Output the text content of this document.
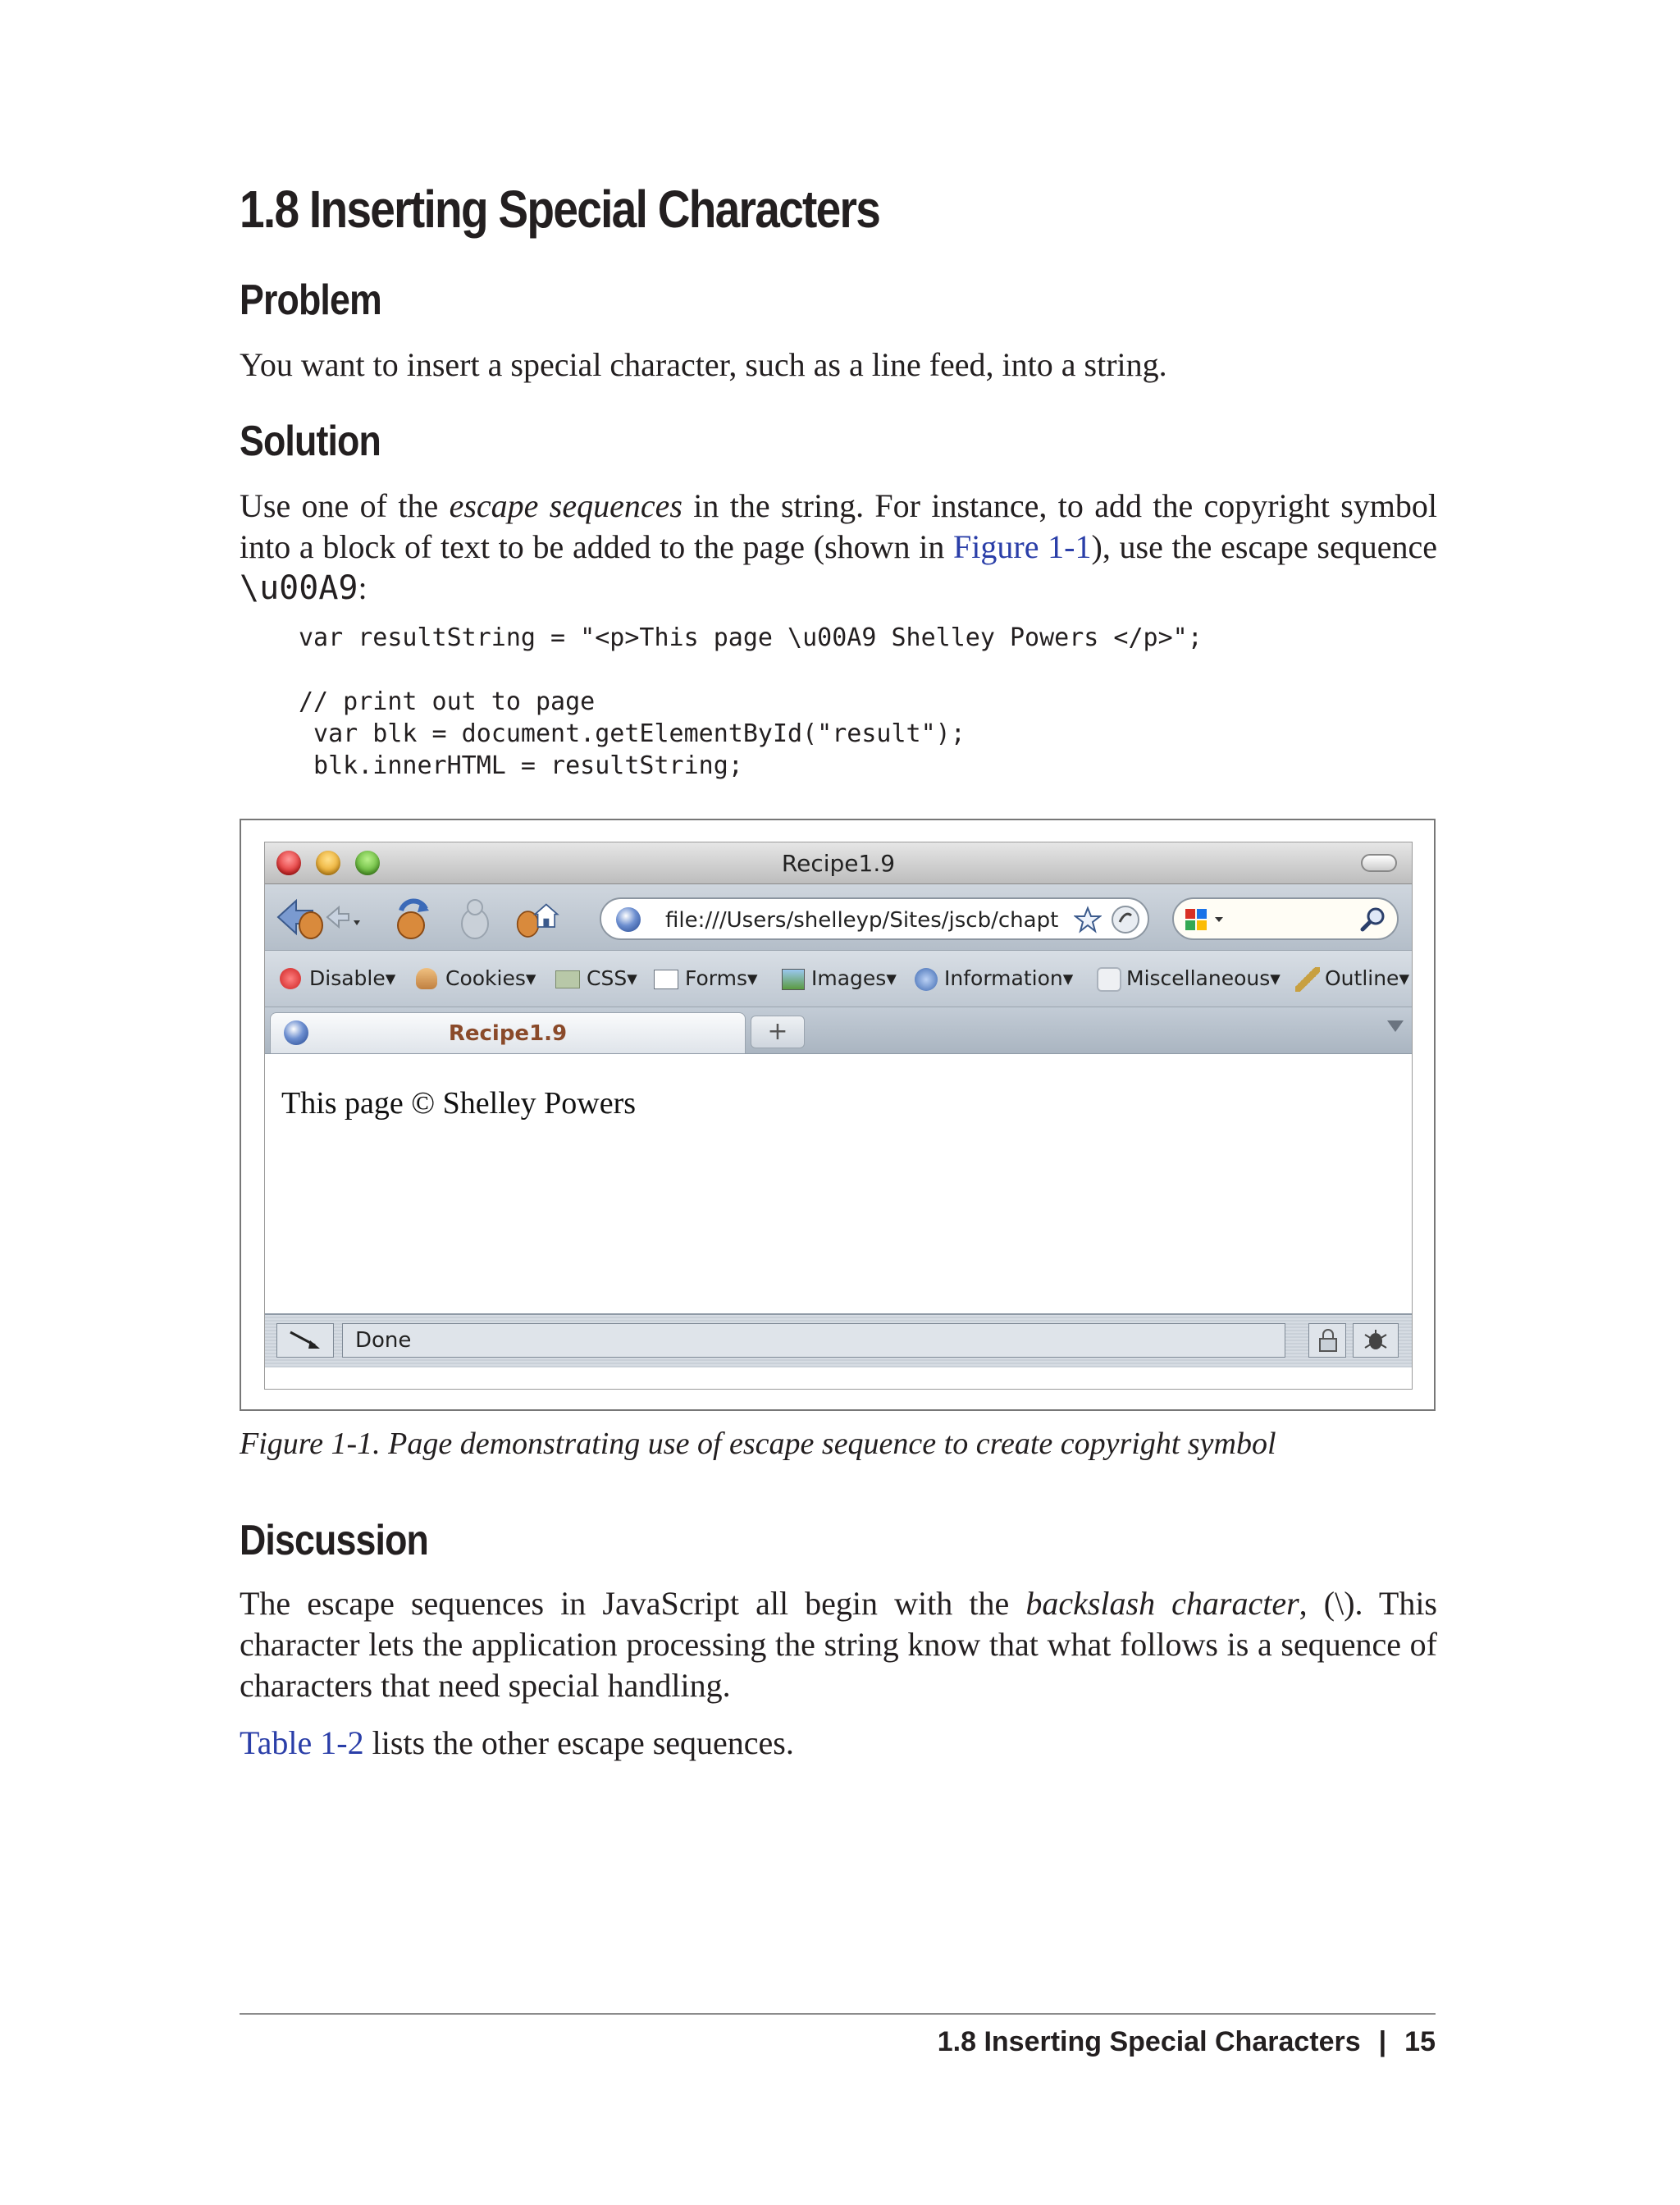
1.8 Inserting Special Characters
Problem

You want to insert a special character, such as a line feed, into a string.

Solution

Use one of the escape sequences in the string. For instance, to add the copyright symbol into a block of text to be added to the page (shown in Figure 1-1), use the escape sequence \u00A9:

var resultString = "<p>This page \u00A9 Shelley Powers </p>";

// print out to page
var blk = document.getElementById("result");
blk.innerHTML = resultString;
Recipe1.9
file:///Users/shelleyp/Sites/jscb/chapt
Disable▾ Cookies▾ CSS▾ Forms▾	Images▾ Information▾	Miscellaneous▾ Outline▾
Recipe1.9	+
This page © Shelley Powers
Done
Figure 1-1. Page demonstrating use of escape sequence to create copyright symbol
Discussion

The escape sequences in JavaScript all begin with the backslash character, (\). This character lets the application processing the string know that what follows is a sequence of characters that need special handling.

Table 1-2 lists the other escape sequences.

1.8 Inserting Special Characters | 15
